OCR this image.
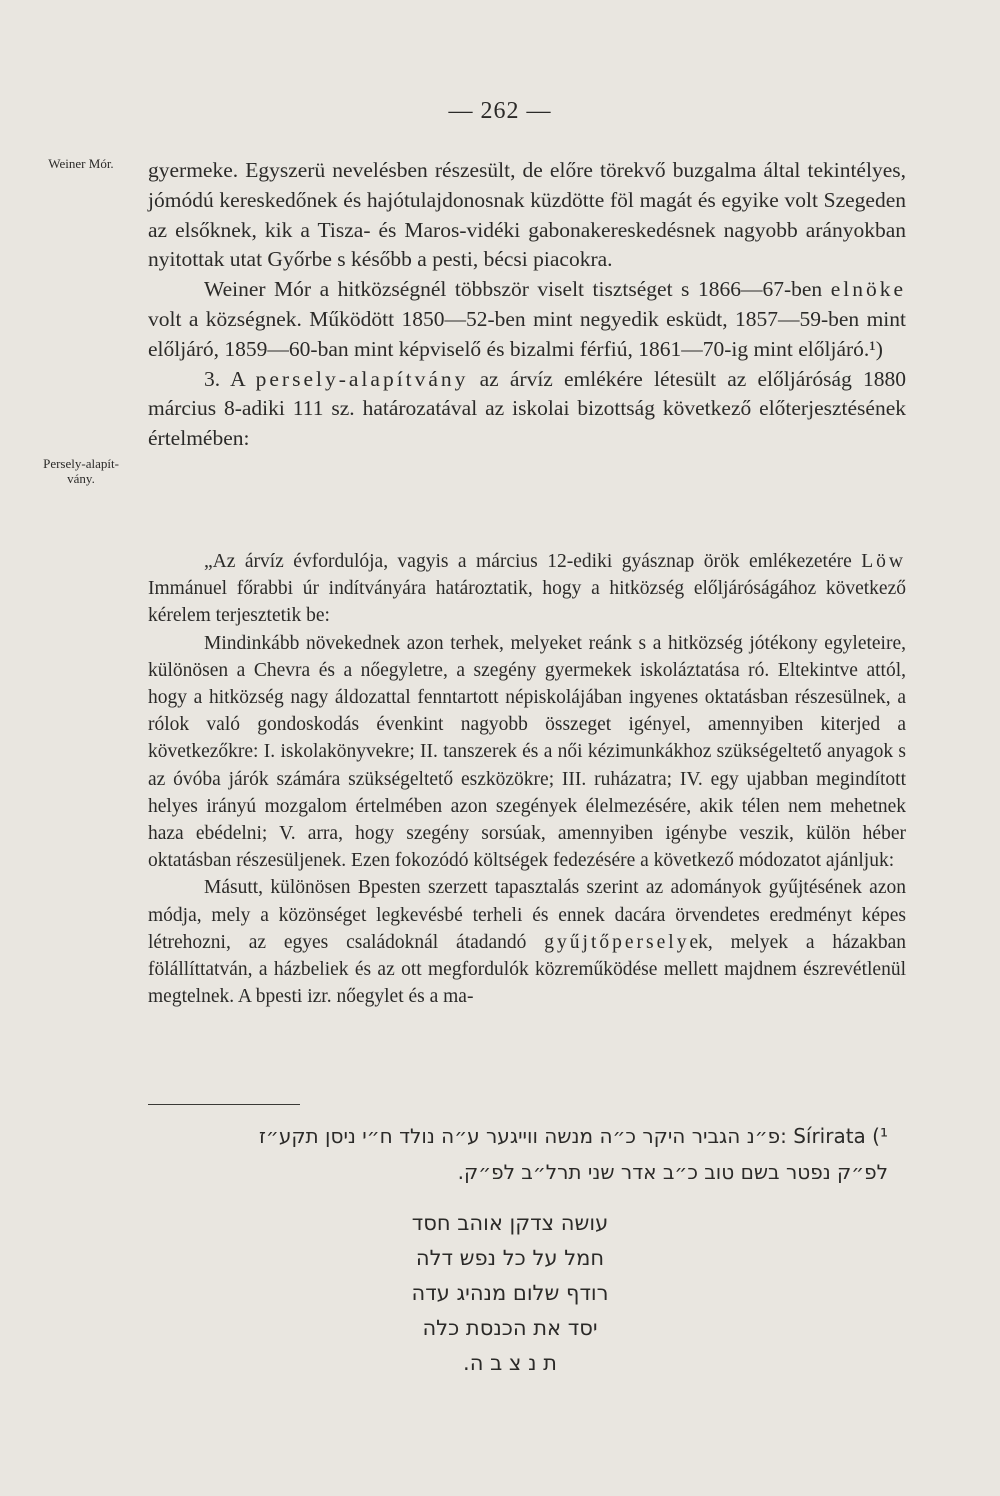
— 262 —
Weiner Mór.
Persely-alapít-
vány.

gyermeke. Egyszerü nevelésben részesült, de előre törekvő buzgalma által tekintélyes, jómódú kereskedőnek és hajótulajdonosnak küzdötte föl magát és egyike volt Szegeden az elsőknek, kik a Tisza- és Maros-vidéki gabonakereskedésnek nagyobb arányokban nyitottak utat Győrbe s később a pesti, bécsi piacokra.

Weiner Mór a hitközségnél többször viselt tisztséget s 1866—67-ben elnöke volt a községnek. Működött 1850—52-ben mint negyedik esküdt, 1857—59-ben mint előljáró, 1859—60-ban mint képviselő és bizalmi férfiú, 1861—70-ig mint előljáró.¹)

3. A persely-alapítvány az árvíz emlékére létesült az előljáróság 1880 március 8-adiki 111 sz. határozatával az iskolai bizottság következő előterjesztésének értelmében:

„Az árvíz évfordulója, vagyis a március 12-ediki gyásznap örök emlékezetére Löw Immánuel főrabbi úr indítványára határoztatik, hogy a hitközség előljáróságához következő kérelem terjesztetik be:

Mindinkább növekednek azon terhek, melyeket reánk s a hitközség jótékony egyleteire, különösen a Chevra és a nőegyletre, a szegény gyermekek iskoláztatása ró. Eltekintve attól, hogy a hitközség nagy áldozattal fenntartott népiskolájában ingyenes oktatásban részesülnek, a rólok való gondoskodás évenkint nagyobb összeget igényel, amennyiben kiterjed a következőkre: I. iskolakönyvekre; II. tanszerek és a női kézimunkákhoz szükségeltető anyagok s az óvóba járók számára szükségeltető eszközökre; III. ruházatra; IV. egy ujabban megindított helyes irányú mozgalom értelmében azon szegények élelmezésére, akik télen nem mehetnek haza ebédelni; V. arra, hogy szegény sorsúak, amennyiben igénybe veszik, külön héber oktatásban részesüljenek. Ezen fokozódó költségek fedezésére a következő módozatot ajánljuk:

Másutt, különösen Bpesten szerzett tapasztalás szerint az adományok gyűjtésének azon módja, mely a közönséget legkevésbé terheli és ennek dacára örvendetes eredményt képes létrehozni, az egyes családoknál átadandó gyűjtőperselyek, melyek a házakban fölállíttatván, a házbeliek és az ott megfordulók közreműködése mellett majdnem észrevétlenül megtelnek. A bpesti izr. nőegylet és a ma-

Sírirata (¹ :פ״נ הגביר היקר כ״ה מנשה ווייגער ע״ה נולד ח״י ניסן תקע״ז
לפ״ק נפטר בשם טוב כ״ב אדר שני תרל״ב לפ״ק.
עושה צדקן אוהב חסד
חמל על כל נפש דלה
רודף שלום מנהיג עדה
יסד את הכנסת כלה
ת נ צ ב ה.
